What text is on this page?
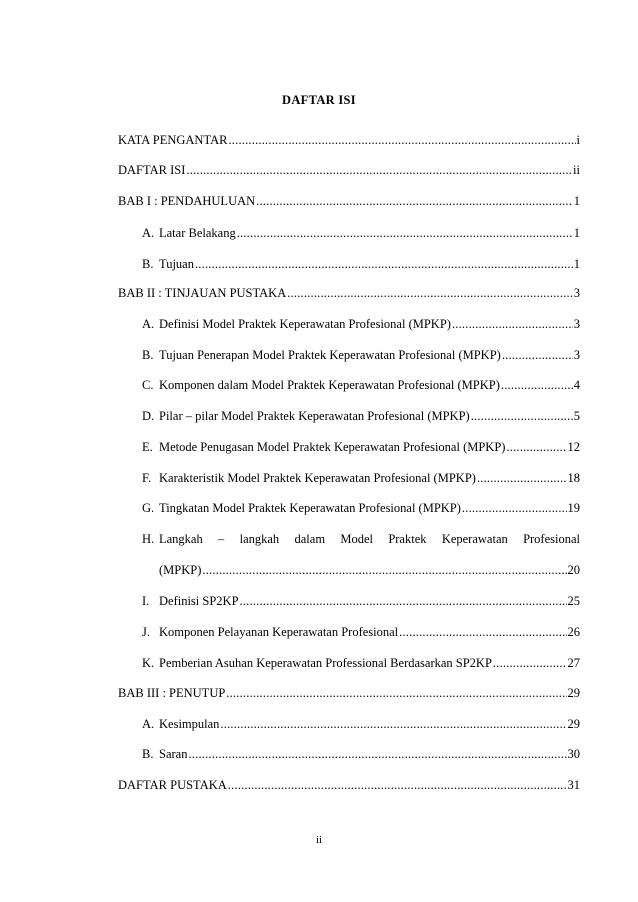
DAFTAR ISI
KATA PENGANTAR .....	i
DAFTAR ISI .....	ii
BAB I : PENDAHULUAN .....	1
A. Latar Belakang .....	1
B. Tujuan .....	1
BAB II : TINJAUAN PUSTAKA .....	3
A. Definisi Model Praktek Keperawatan Profesional (MPKP) .....	3
B. Tujuan Penerapan Model Praktek Keperawatan Profesional (MPKP) .....	3
C. Komponen dalam Model Praktek Keperawatan Profesional (MPKP) .....	4
D. Pilar – pilar Model Praktek Keperawatan Profesional (MPKP) .....	5
E. Metode Penugasan Model Praktek Keperawatan Profesional (MPKP) .....	12
F. Karakteristik Model Praktek Keperawatan Profesional (MPKP) .....	18
G. Tingkatan Model Praktek Keperawatan Profesional (MPKP) .....	19
H. Langkah – langkah dalam Model Praktek Keperawatan Profesional
(MPKP) .....	20
I. Definisi SP2KP .....	25
J. Komponen Pelayanan Keperawatan Profesional .....	26
K. Pemberian Asuhan Keperawatan Professional Berdasarkan SP2KP .....	27
BAB III : PENUTUP .....	29
A. Kesimpulan .....	29
B. Saran .....	30
DAFTAR PUSTAKA .....	31
ii
